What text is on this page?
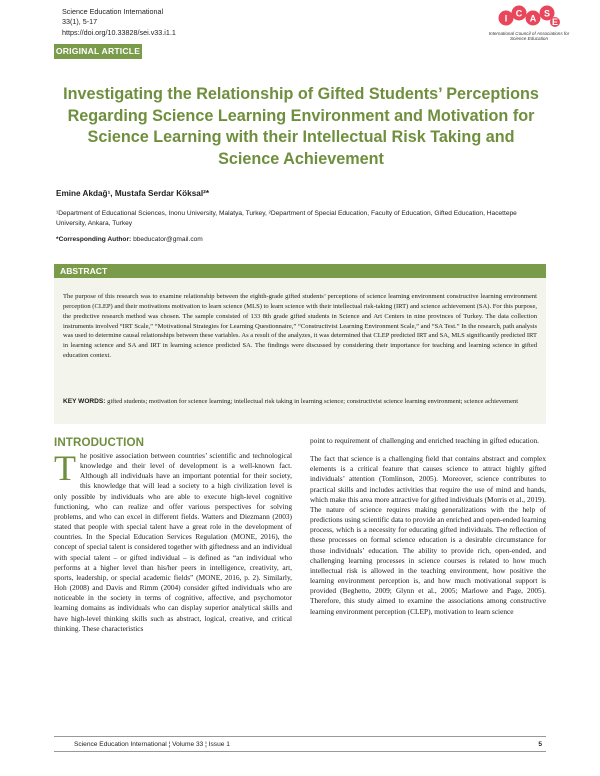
Science Education International
33(1), 5-17
https://doi.org/10.33828/sei.v33.i1.1
I C A S
E
International Council of Associations for Science Education
ORIGINAL ARTICLE
Investigating the Relationship of Gifted Students’ Perceptions Regarding Science Learning Environment and Motivation for Science Learning with their Intellectual Risk Taking and Science Achievement
Emine Akdağ¹, Mustafa Serdar Köksal²*
¹Department of Educational Sciences, Inonu University, Malatya, Turkey, ²Department of Special Education, Faculty of Education, Gifted Education, Hacettepe University, Ankara, Turkey
*Corresponding Author: bbeducator@gmail.com
ABSTRACT
The purpose of this research was to examine relationship between the eighth-grade gifted students’ perceptions of science learning environment constructive learning environment perception (CLEP) and their motivations motivation to learn science (MLS) to learn science with their intellectual risk-taking (IRT) and science achievement (SA). For this purpose, the predictive research method was chosen. The sample consisted of 133 8th grade gifted students in Science and Art Centers in nine provinces of Turkey. The data collection instruments involved “IRT Scale,” “Motivational Strategies for Learning Questionnaire,” “Constructivist Learning Environment Scale,” and “SA Test.” In the research, path analysis was used to determine causal relationships between these variables. As a result of the analyzes, it was determined that CLEP predicted IRT and SA, MLS significantly predicted IRT in learning science and SA and IRT in learning science predicted SA. The findings were discussed by considering their importance for teaching and learning science in gifted education context.
KEY WORDS: gifted students; motivation for science learning; intellectual risk taking in learning science; constructivist science learning environment; science achievement
INTRODUCTION

T he positive association between countries’ scientific and technological knowledge and their level of development is a well-known fact. Although all individuals have an important potential for their society, this knowledge that will lead a society to a high civilization level is only possible by individuals who are able to execute high-level cognitive functioning, who can realize and offer various perspectives for solving problems, and who can excel in different fields. Watters and Diezmann (2003) stated that people with special talent have a great role in the development of countries. In the Special Education Services Regulation (MONE, 2016), the concept of special talent is considered together with giftedness and an individual with special talent – or gifted individual – is defined as “an individual who performs at a higher level than his/her peers in intelligence, creativity, art, sports, leadership, or special academic fields” (MONE, 2016, p. 2). Similarly, Hoh (2008) and Davis and Rimm (2004) consider gifted individuals who are noticeable in the society in terms of cognitive, affective, and psychomotor learning domains as individuals who can display superior analytical skills and have high-level thinking skills such as abstract, logical, creative, and critical thinking. These characteristics

point to requirement of challenging and enriched teaching in gifted education.

The fact that science is a challenging field that contains abstract and complex elements is a critical feature that causes science to attract highly gifted individuals’ attention (Tomlinson, 2005). Moreover, science contributes to practical skills and includes activities that require the use of mind and hands, which make this area more attractive for gifted individuals (Morris et al., 2019). The nature of science requires making generalizations with the help of predictions using scientific data to provide an enriched and open-ended learning process, which is a necessity for educating gifted individuals. The reflection of these processes on formal science education is a desirable circumstance for those individuals’ education. The ability to provide rich, open-ended, and challenging learning processes in science courses is related to how much intellectual risk is allowed in the teaching environment, how positive the learning environment perception is, and how much motivational support is provided (Beghetto, 2009; Glynn et al., 2005; Marlowe and Page, 2005). Therefore, this study aimed to examine the associations among constructive learning environment perception (CLEP), motivation to learn science

Science Education International ¦ Volume 33 ¦ Issue 1	5
